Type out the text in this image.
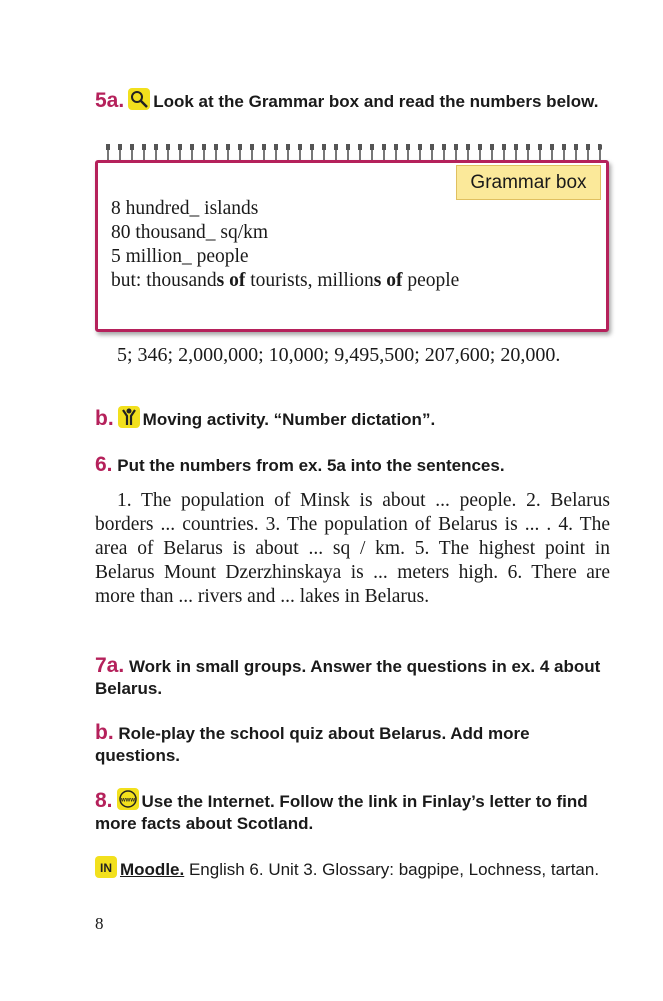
5a. Look at the Grammar box and read the numbers below.
Grammar box
8 hundred_ islands
80 thousand_ sq/km
5 million_ people
but: thousands of tourists, millions of people
5; 346; 2,000,000; 10,000; 9,495,500; 207,600; 20,000.
b. Moving activity. “Number dictation”.
6. Put the numbers from ex. 5a into the sentences.
1. The population of Minsk is about ... people. 2. Belarus borders ... countries. 3. The population of Belarus is ... . 4. The area of Belarus is about ... sq / km. 5. The highest point in Belarus Mount Dzerzhinskaya is ... meters high. 6. There are more than ... rivers and ... lakes in Belarus.
7a. Work in small groups. Answer the questions in ex. 4 about Belarus.
b. Role-play the school quiz about Belarus. Add more questions.
8. www Use the Internet. Follow the link in Finlay’s letter to find more facts about Scotland.
IN Moodle. English 6. Unit 3. Glossary: bagpipe, Lochness, tartan.
8
